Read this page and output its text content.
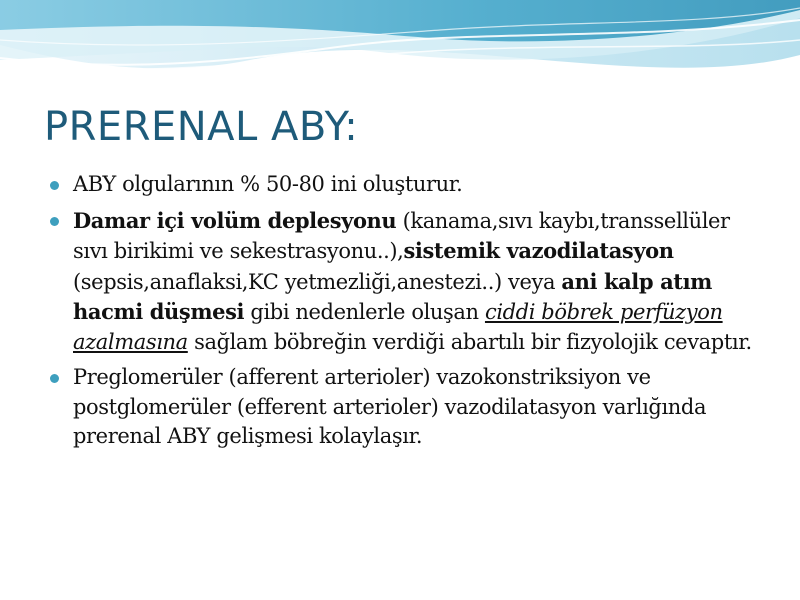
PRERENAL ABY:
ABY olgularının % 50-80 ini oluşturur.
Damar içi volüm deplesyonu (kanama,sıvı kaybı,transsellüler sıvı birikimi ve sekestrasyonu..),sistemik vazodilatasyon (sepsis,anaflaksi,KC yetmezliği,anestezi..) veya ani kalp atım hacmi düşmesi gibi nedenlerle oluşan ciddi böbrek perfüzyon azalmasına sağlam böbreğin verdiği abartılı bir fizyolojik cevaptır.
Preglomerüler (afferent arterioler) vazokonstriksiyon ve postglomerüler (efferent arterioler) vazodilatasyon varlığında prerenal ABY gelişmesi kolaylaşır.
